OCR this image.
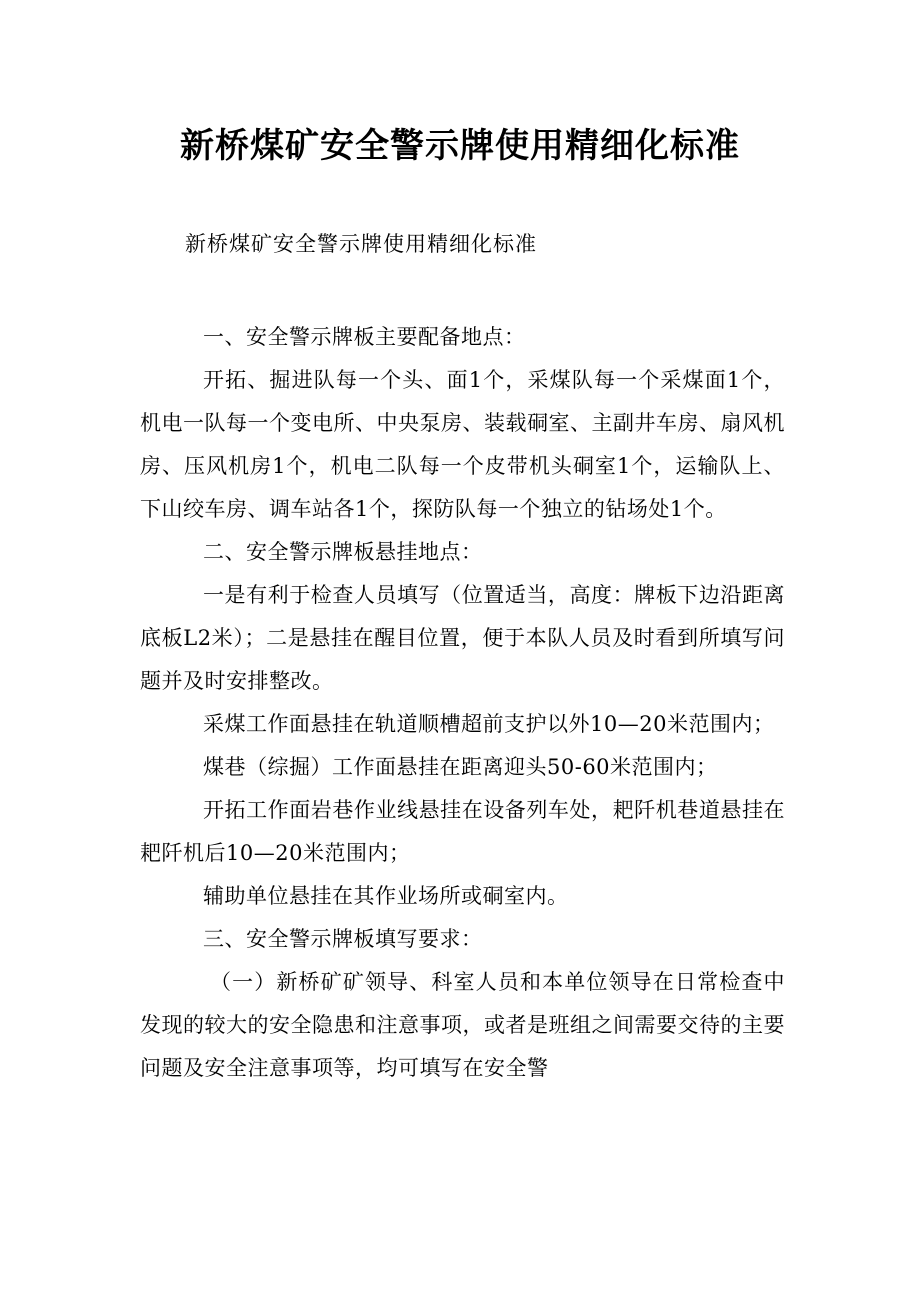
新桥煤矿安全警示牌使用精细化标准
新桥煤矿安全警示牌使用精细化标准

一、安全警示牌板主要配备地点：

开拓、掘进队每一个头、面1个，采煤队每一个采煤面1个，机电一队每一个变电所、中央泵房、装载硐室、主副井车房、扇风机房、压风机房1个，机电二队每一个皮带机头硐室1个，运输队上、下山绞车房、调车站各1个，探防队每一个独立的钻场处1个。

二、安全警示牌板悬挂地点：

一是有利于检查人员填写（位置适当，高度：牌板下边沿距离底板L2米）；二是悬挂在醒目位置，便于本队人员及时看到所填写问题并及时安排整改。

采煤工作面悬挂在轨道顺槽超前支护以外10—20米范围内；

煤巷（综掘）工作面悬挂在距离迎头50-60米范围内；

开拓工作面岩巷作业线悬挂在设备列车处，耙阡机巷道悬挂在耙阡机后10—20米范围内；

辅助单位悬挂在其作业场所或硐室内。

三、安全警示牌板填写要求：

（一）新桥矿矿领导、科室人员和本单位领导在日常检查中发现的较大的安全隐患和注意事项，或者是班组之间需要交待的主要问题及安全注意事项等，均可填写在安全警
